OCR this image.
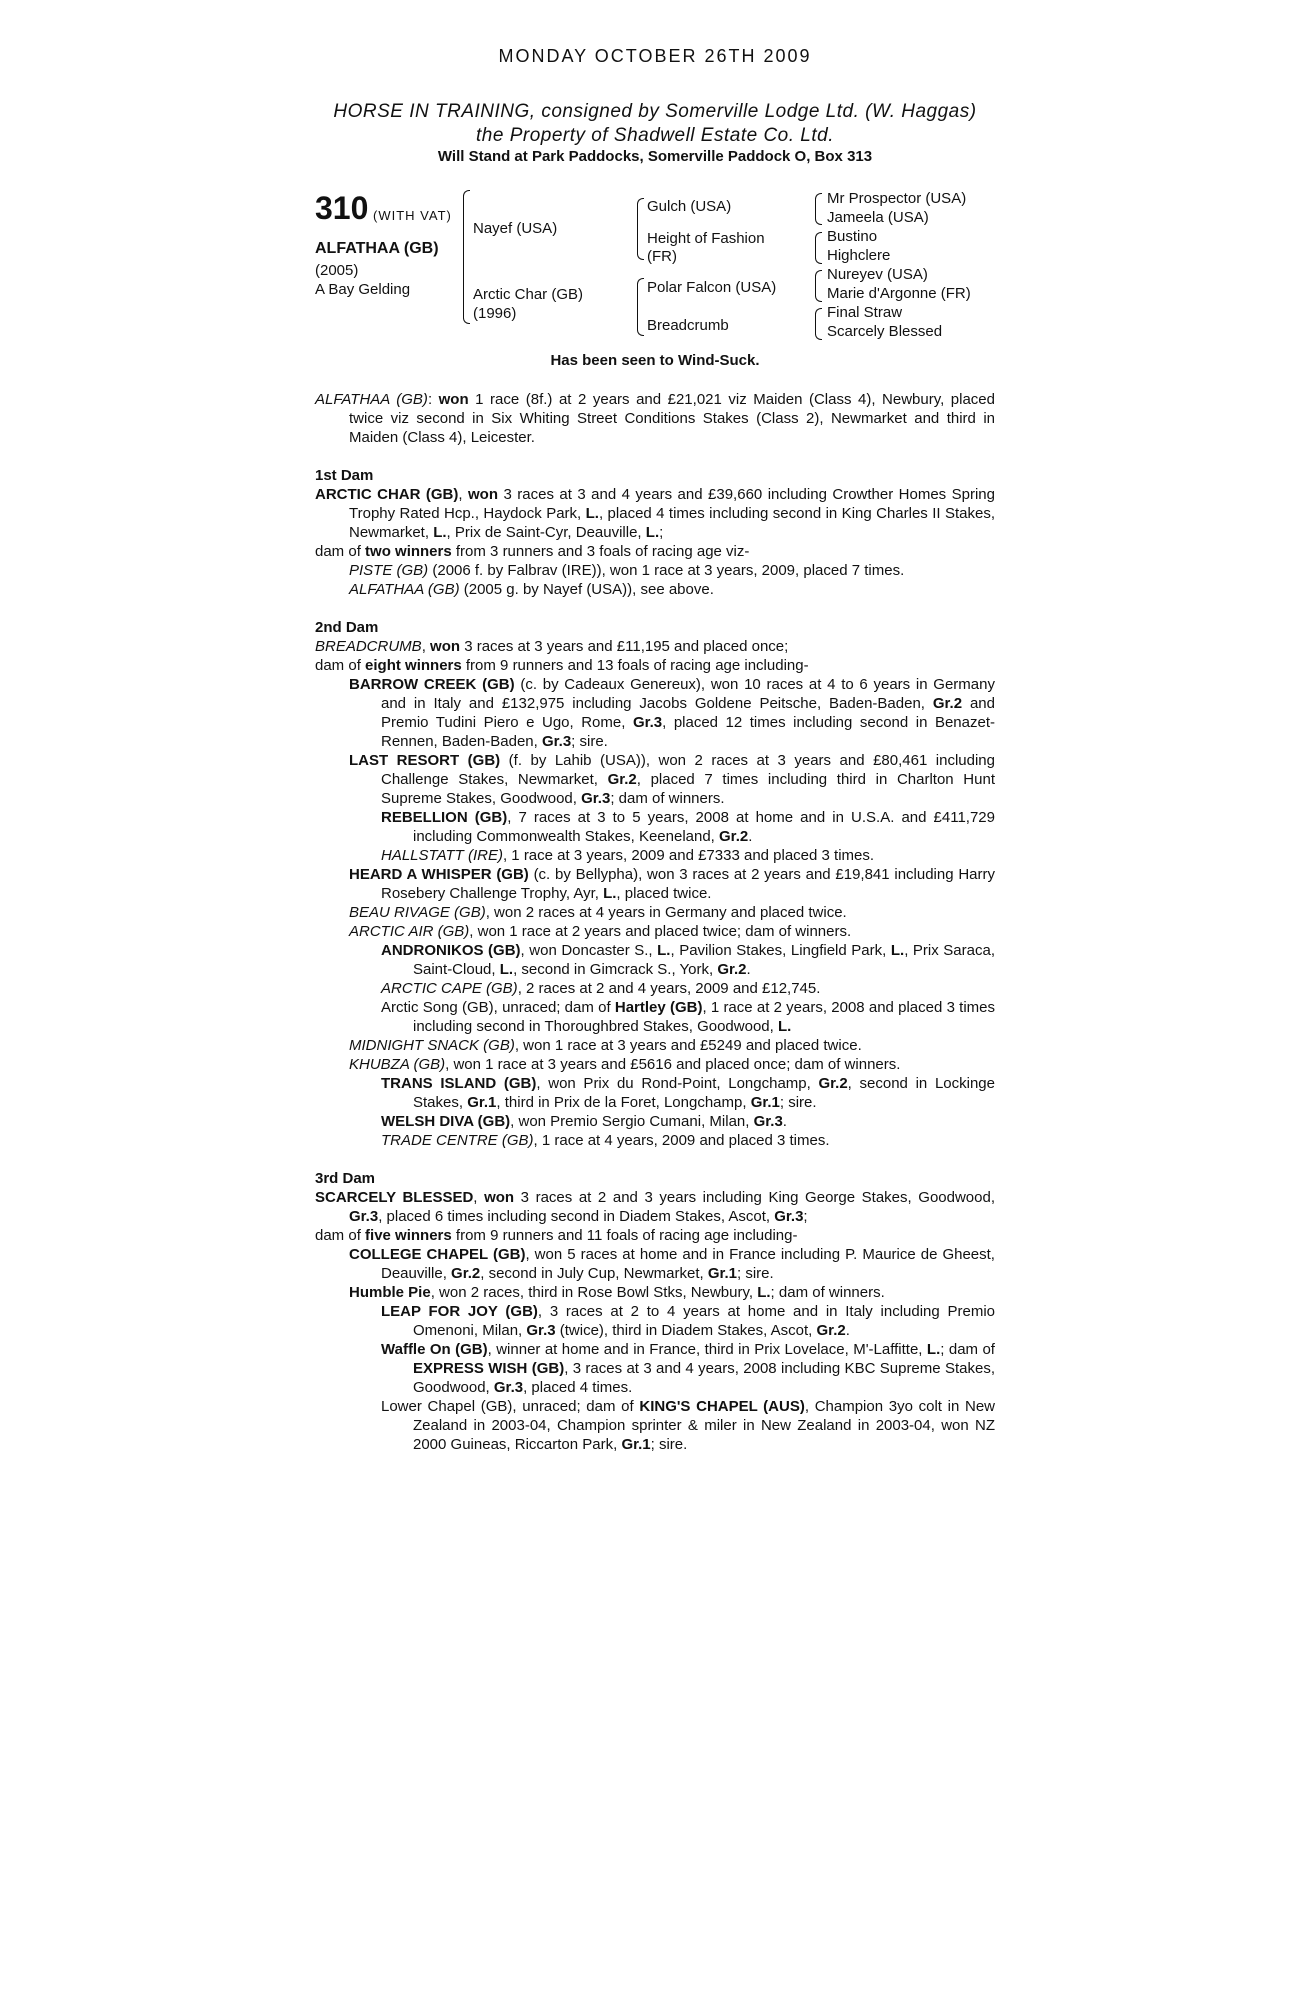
MONDAY OCTOBER 26TH 2009
HORSE IN TRAINING, consigned by Somerville Lodge Ltd. (W. Haggas)
the Property of Shadwell Estate Co. Ltd.
Will Stand at Park Paddocks, Somerville Paddock O, Box 313
310 (WITH VAT)
ALFATHAA (GB)
(2005)
A Bay Gelding
Nayef (USA)
Arctic Char (GB)
(1996)
Gulch (USA)
Height of Fashion
(FR)
Polar Falcon (USA)
Breadcrumb
Mr Prospector (USA)
Jameela (USA)
Bustino
Highclere
Nureyev (USA)
Marie d'Argonne (FR)
Final Straw
Scarcely Blessed
Has been seen to Wind-Suck.

ALFATHAA (GB): won 1 race (8f.) at 2 years and £21,021 viz Maiden (Class 4), Newbury, placed twice viz second in Six Whiting Street Conditions Stakes (Class 2), Newmarket and third in Maiden (Class 4), Leicester.

1st Dam

ARCTIC CHAR (GB), won 3 races at 3 and 4 years and £39,660 including Crowther Homes Spring Trophy Rated Hcp., Haydock Park, L., placed 4 times including second in King Charles II Stakes, Newmarket, L., Prix de Saint-Cyr, Deauville, L.;

dam of two winners from 3 runners and 3 foals of racing age viz-

PISTE (GB) (2006 f. by Falbrav (IRE)), won 1 race at 3 years, 2009, placed 7 times.

ALFATHAA (GB) (2005 g. by Nayef (USA)), see above.

2nd Dam

BREADCRUMB, won 3 races at 3 years and £11,195 and placed once;

dam of eight winners from 9 runners and 13 foals of racing age including-

BARROW CREEK (GB) (c. by Cadeaux Genereux), won 10 races at 4 to 6 years in Germany and in Italy and £132,975 including Jacobs Goldene Peitsche, Baden-Baden, Gr.2 and Premio Tudini Piero e Ugo, Rome, Gr.3, placed 12 times including second in Benazet-Rennen, Baden-Baden, Gr.3; sire.

LAST RESORT (GB) (f. by Lahib (USA)), won 2 races at 3 years and £80,461 including Challenge Stakes, Newmarket, Gr.2, placed 7 times including third in Charlton Hunt Supreme Stakes, Goodwood, Gr.3; dam of winners.

REBELLION (GB), 7 races at 3 to 5 years, 2008 at home and in U.S.A. and £411,729 including Commonwealth Stakes, Keeneland, Gr.2.

HALLSTATT (IRE), 1 race at 3 years, 2009 and £7333 and placed 3 times.

HEARD A WHISPER (GB) (c. by Bellypha), won 3 races at 2 years and £19,841 including Harry Rosebery Challenge Trophy, Ayr, L., placed twice.

BEAU RIVAGE (GB), won 2 races at 4 years in Germany and placed twice.

ARCTIC AIR (GB), won 1 race at 2 years and placed twice; dam of winners.

ANDRONIKOS (GB), won Doncaster S., L., Pavilion Stakes, Lingfield Park, L., Prix Saraca, Saint-Cloud, L., second in Gimcrack S., York, Gr.2.

ARCTIC CAPE (GB), 2 races at 2 and 4 years, 2009 and £12,745.

Arctic Song (GB), unraced; dam of Hartley (GB), 1 race at 2 years, 2008 and placed 3 times including second in Thoroughbred Stakes, Goodwood, L.

MIDNIGHT SNACK (GB), won 1 race at 3 years and £5249 and placed twice.

KHUBZA (GB), won 1 race at 3 years and £5616 and placed once; dam of winners.

TRANS ISLAND (GB), won Prix du Rond-Point, Longchamp, Gr.2, second in Lockinge Stakes, Gr.1, third in Prix de la Foret, Longchamp, Gr.1; sire.

WELSH DIVA (GB), won Premio Sergio Cumani, Milan, Gr.3.

TRADE CENTRE (GB), 1 race at 4 years, 2009 and placed 3 times.

3rd Dam

SCARCELY BLESSED, won 3 races at 2 and 3 years including King George Stakes, Goodwood, Gr.3, placed 6 times including second in Diadem Stakes, Ascot, Gr.3;

dam of five winners from 9 runners and 11 foals of racing age including-

COLLEGE CHAPEL (GB), won 5 races at home and in France including P. Maurice de Gheest, Deauville, Gr.2, second in July Cup, Newmarket, Gr.1; sire.

Humble Pie, won 2 races, third in Rose Bowl Stks, Newbury, L.; dam of winners.

LEAP FOR JOY (GB), 3 races at 2 to 4 years at home and in Italy including Premio Omenoni, Milan, Gr.3 (twice), third in Diadem Stakes, Ascot, Gr.2.

Waffle On (GB), winner at home and in France, third in Prix Lovelace, M'-Laffitte, L.; dam of EXPRESS WISH (GB), 3 races at 3 and 4 years, 2008 including KBC Supreme Stakes, Goodwood, Gr.3, placed 4 times.

Lower Chapel (GB), unraced; dam of KING'S CHAPEL (AUS), Champion 3yo colt in New Zealand in 2003-04, Champion sprinter & miler in New Zealand in 2003-04, won NZ 2000 Guineas, Riccarton Park, Gr.1; sire.
